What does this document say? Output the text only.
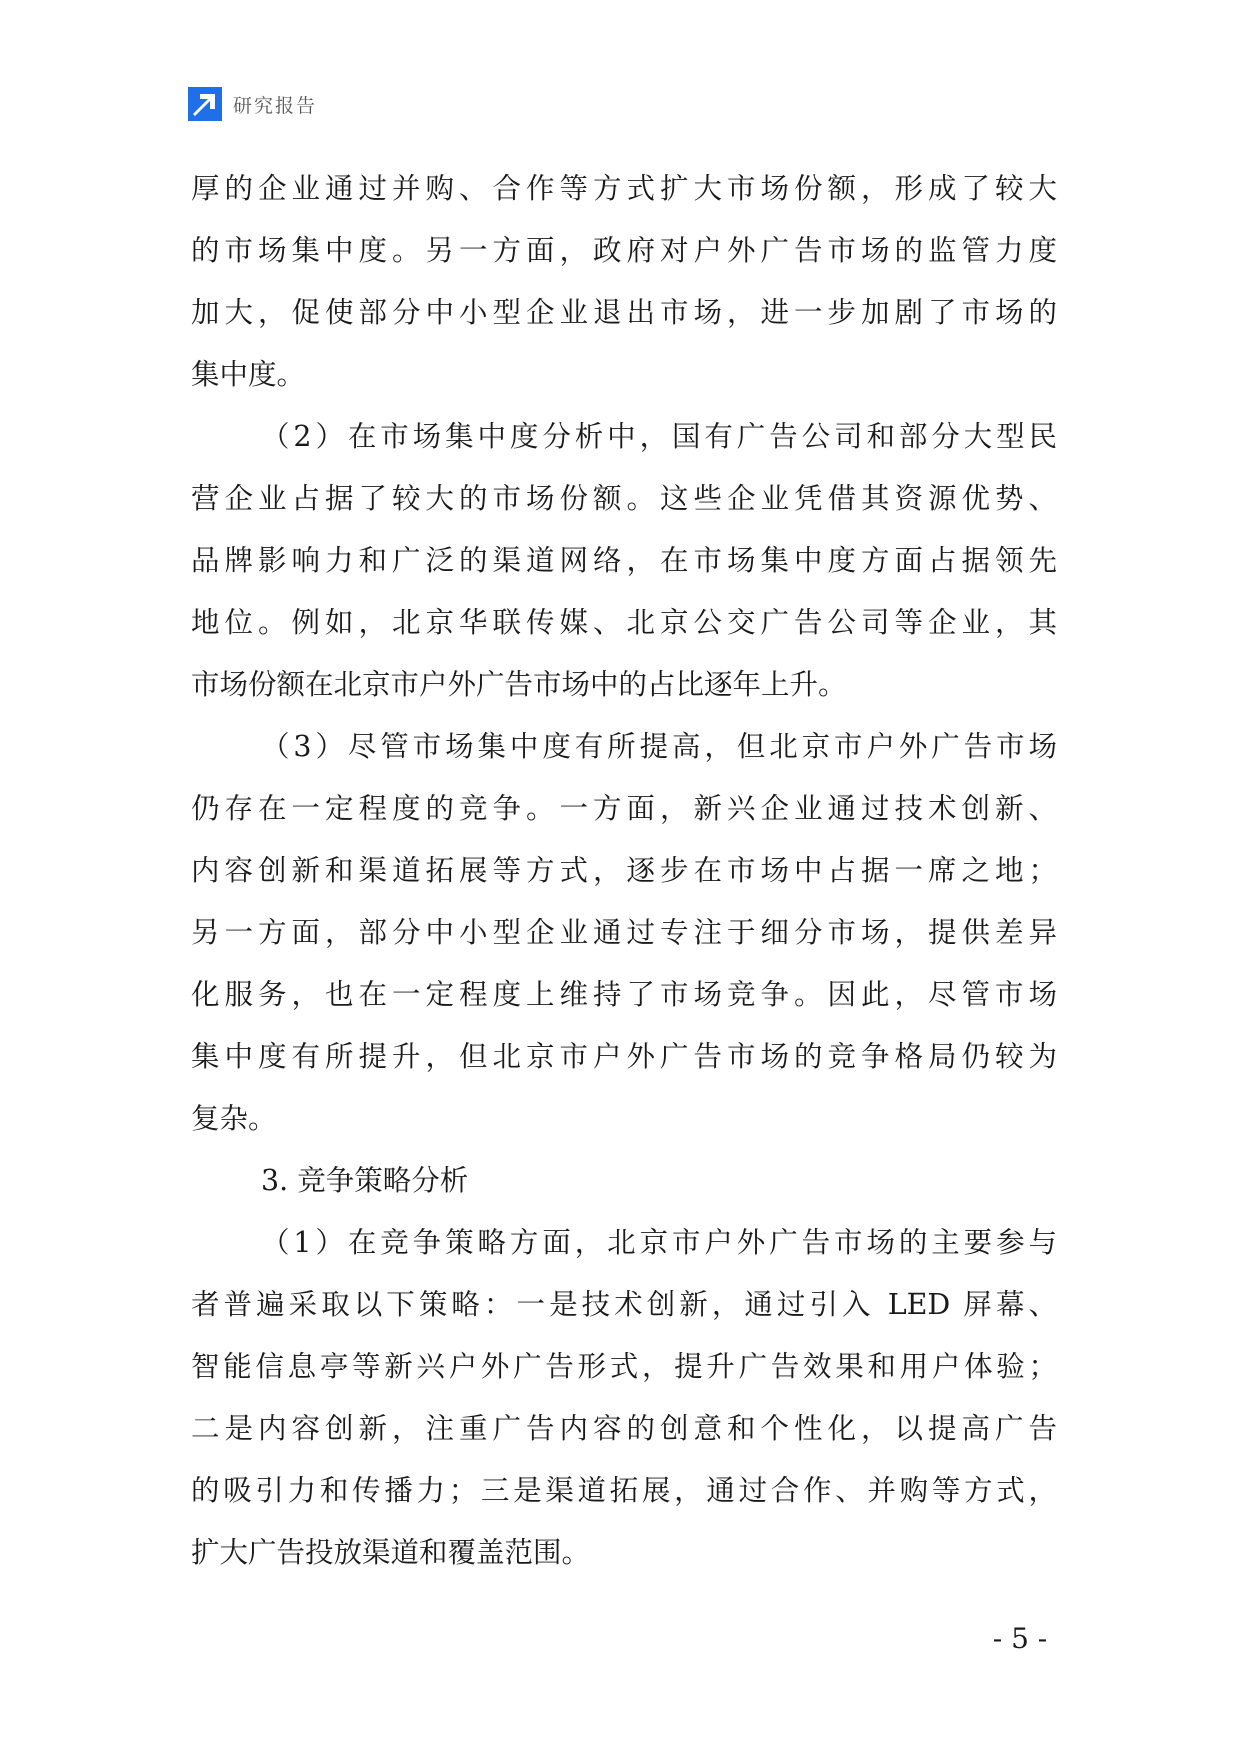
研究报告
厚的企业通过并购、合作等方式扩大市场份额，形成了较大
的市场集中度。另一方面，政府对户外广告市场的监管力度
加大，促使部分中小型企业退出市场，进一步加剧了市场的
集中度。
（2）在市场集中度分析中，国有广告公司和部分大型民
营企业占据了较大的市场份额。这些企业凭借其资源优势、
品牌影响力和广泛的渠道网络，在市场集中度方面占据领先
地位。例如，北京华联传媒、北京公交广告公司等企业，其
市场份额在北京市户外广告市场中的占比逐年上升。
（3）尽管市场集中度有所提高，但北京市户外广告市场
仍存在一定程度的竞争。一方面，新兴企业通过技术创新、
内容创新和渠道拓展等方式，逐步在市场中占据一席之地；
另一方面，部分中小型企业通过专注于细分市场，提供差异
化服务，也在一定程度上维持了市场竞争。因此，尽管市场
集中度有所提升，但北京市户外广告市场的竞争格局仍较为
复杂。
3. 竞争策略分析
（1）在竞争策略方面，北京市户外广告市场的主要参与
者普遍采取以下策略：一是技术创新，通过引入 LED 屏幕、
智能信息亭等新兴户外广告形式，提升广告效果和用户体验；
二是内容创新，注重广告内容的创意和个性化，以提高广告
的吸引力和传播力；三是渠道拓展，通过合作、并购等方式，
扩大广告投放渠道和覆盖范围。
- 5 -
